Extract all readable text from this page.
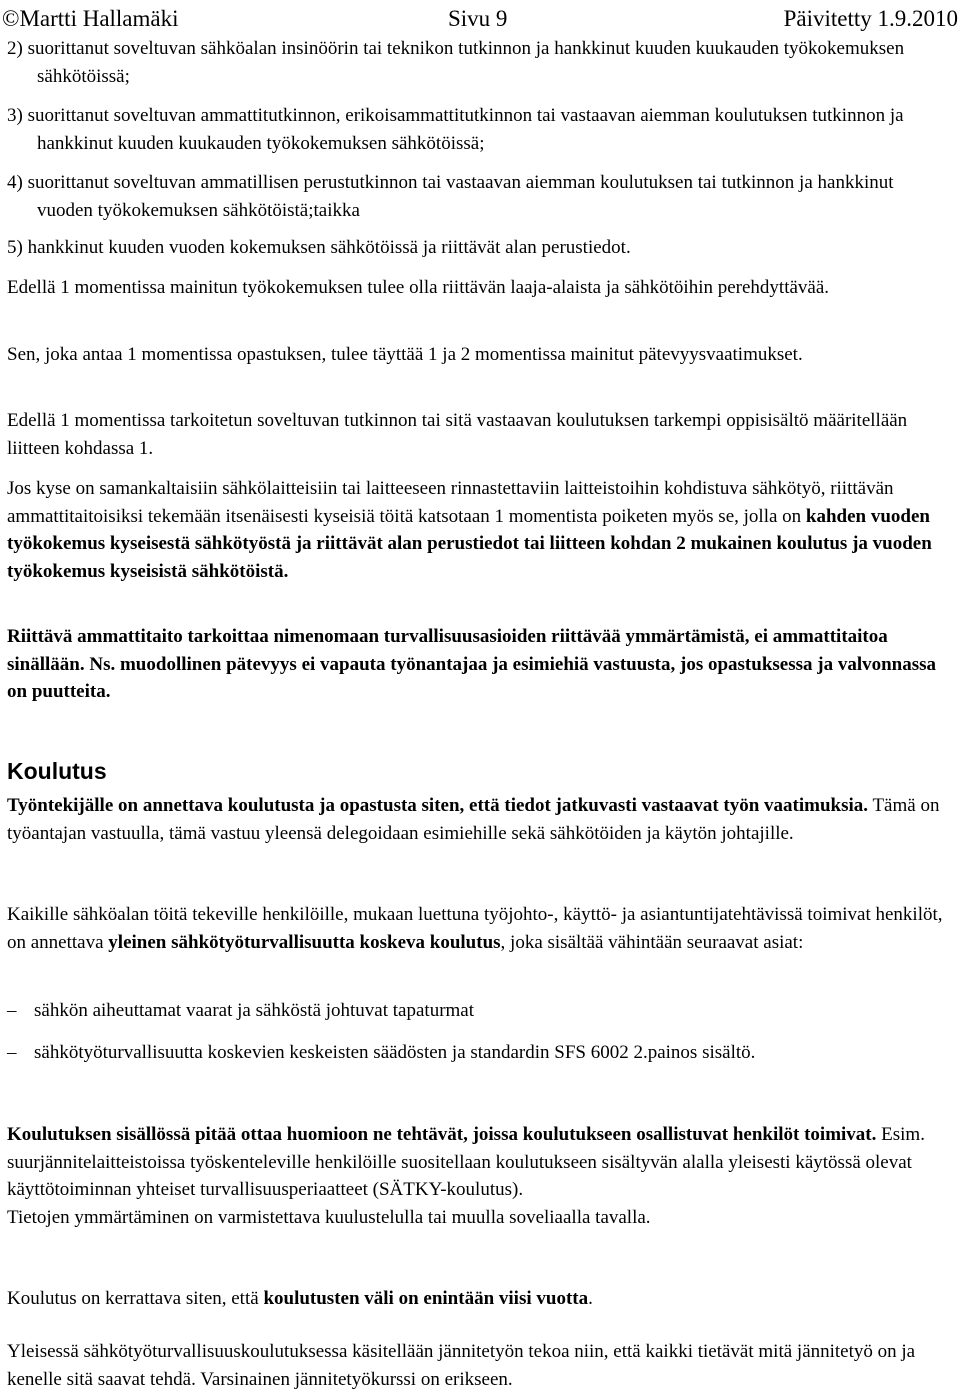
©Martti Hallamäki	Sivu 9	Päivitetty 1.9.2010

2) suorittanut soveltuvan sähköalan insinöörin tai teknikon tutkinnon ja hankkinut kuuden kuukauden työkokemuksen sähkötöissä;

3) suorittanut soveltuvan ammattitutkinnon, erikoisammattitutkinnon tai vastaavan aiemman koulutuksen tutkinnon ja hankkinut kuuden kuukauden työkokemuksen sähkötöissä;

4) suorittanut soveltuvan ammatillisen perustutkinnon tai vastaavan aiemman koulutuksen tai tutkinnon ja hankkinut vuoden työkokemuksen sähkötöistä;taikka

5) hankkinut kuuden vuoden kokemuksen sähkötöissä ja riittävät alan perustiedot.

Edellä 1 momentissa mainitun työkokemuksen tulee olla riittävän laaja-alaista ja sähkötöihin perehdyttävää.

Sen, joka antaa 1 momentissa opastuksen, tulee täyttää 1 ja 2 momentissa mainitut pätevyysvaatimukset.

Edellä 1 momentissa tarkoitetun soveltuvan tutkinnon tai sitä vastaavan koulutuksen tarkempi oppisisältö määritellään liitteen kohdassa 1.

Jos kyse on samankaltaisiin sähkölaitteisiin tai laitteeseen rinnastettaviin laitteistoihin kohdistuva sähkötyö, riittävän ammattitaitoisiksi tekemään itsenäisesti kyseisiä töitä katsotaan 1 momentista poiketen myös se, jolla on kahden vuoden työkokemus kyseisestä sähkötyöstä ja riittävät alan perustiedot tai liitteen kohdan 2 mukainen koulutus ja vuoden työkokemus kyseisistä sähkötöistä.

Riittävä ammattitaito tarkoittaa nimenomaan turvallisuusasioiden riittävää ymmärtämistä, ei ammattitaitoa sinällään. Ns. muodollinen pätevyys ei vapauta työnantajaa ja esimiehiä vastuusta, jos opastuksessa ja valvonnassa on puutteita.

Koulutus

Työntekijälle on annettava koulutusta ja opastusta siten, että tiedot jatkuvasti vastaavat työn vaatimuksia. Tämä on työantajan vastuulla, tämä vastuu yleensä delegoidaan esimiehille sekä sähkötöiden ja käytön johtajille.

Kaikille sähköalan töitä tekeville henkilöille, mukaan luettuna työjohto-, käyttö- ja asiantuntijatehtävissä toimivat henkilöt, on annettava yleinen sähkötyöturvallisuutta koskeva koulutus, joka sisältää vähintään seuraavat asiat:

– sähkön aiheuttamat vaarat ja sähköstä johtuvat tapaturmat
– sähkötyöturvallisuutta koskevien keskeisten säädösten ja standardin SFS 6002 2.painos sisältö.

Koulutuksen sisällössä pitää ottaa huomioon ne tehtävät, joissa koulutukseen osallistuvat henkilöt toimivat. Esim. suurjännitelaitteistoissa työskenteleville henkilöille suositellaan koulutukseen sisältyvän alalla yleisesti käytössä olevat käyttötoiminnan yhteiset turvallisuusperiaatteet (SÄTKY-koulutus).
Tietojen ymmärtäminen on varmistettava kuulustelulla tai muulla soveliaalla tavalla.

Koulutus on kerrattava siten, että koulutusten väli on enintään viisi vuotta.

Yleisessä sähkötyöturvallisuuskoulutuksessa käsitellään jännitetyön tekoa niin, että kaikki tietävät mitä jännitetyö on ja kenelle sitä saavat tehdä. Varsinainen jännitetyökurssi on erikseen.
